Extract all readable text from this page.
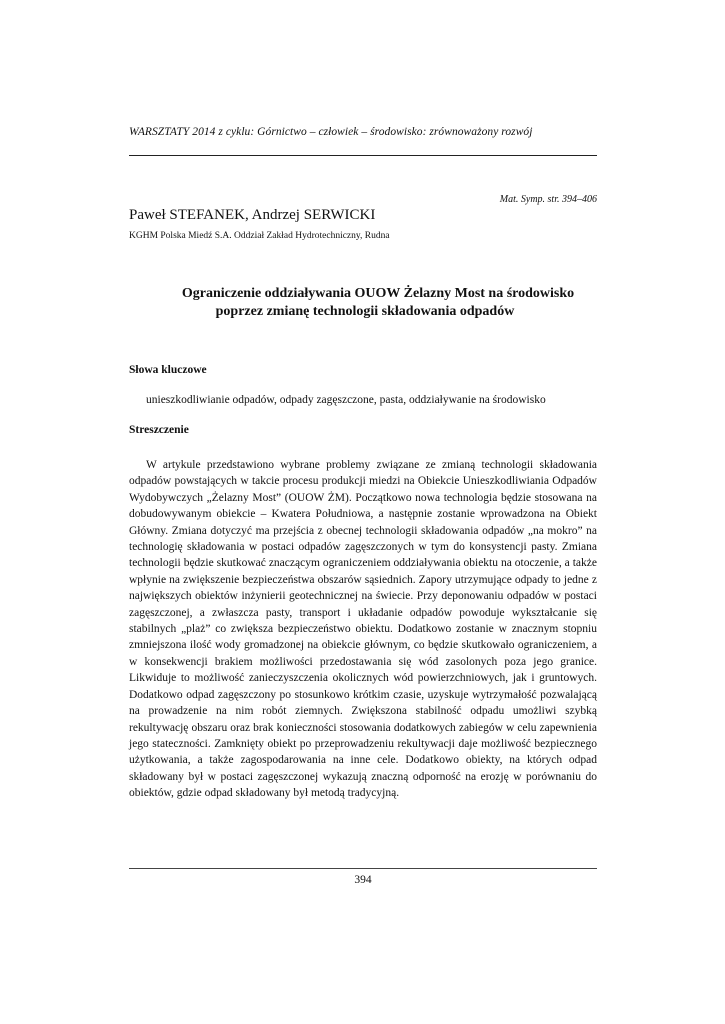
WARSZTATY 2014 z cyklu: Górnictwo – człowiek – środowisko: zrównoważony rozwój
Mat. Symp. str. 394–406
Paweł STEFANEK, Andrzej SERWICKI
KGHM Polska Miedź S.A. Oddział Zakład Hydrotechniczny, Rudna
Ograniczenie oddziaływania OUOW Żelazny Most na środowisko
poprzez zmianę technologii składowania odpadów
Słowa kluczowe
unieszkodliwianie odpadów, odpady zagęszczone, pasta, oddziaływanie na środowisko
Streszczenie

W artykule przedstawiono wybrane problemy związane ze zmianą technologii składowania odpadów powstających w takcie procesu produkcji miedzi na Obiekcie Unieszkodliwiania Odpadów Wydobywczych „Żelazny Most” (OUOW ŻM). Początkowo nowa technologia będzie stosowana na dobudowywanym obiekcie – Kwatera Południowa, a następnie zostanie wprowadzona na Obiekt Główny. Zmiana dotyczyć ma przejścia z obecnej technologii składowania odpadów „na mokro” na technologię składowania w postaci odpadów zagęszczonych w tym do konsystencji pasty. Zmiana technologii będzie skutkować znaczącym ograniczeniem oddziaływania obiektu na otoczenie, a także wpłynie na zwiększenie bezpieczeństwa obszarów sąsiednich. Zapory utrzymujące odpady to jedne z największych obiektów inżynierii geotechnicznej na świecie. Przy deponowaniu odpadów w postaci zagęszczonej, a zwłaszcza pasty, transport i układanie odpadów powoduje wykształcanie się stabilnych „plaż” co zwiększa bezpieczeństwo obiektu. Dodatkowo zostanie w znacznym stopniu zmniejszona ilość wody gromadzonej na obiekcie głównym, co będzie skutkowało ograniczeniem, a w konsekwencji brakiem możliwości przedostawania się wód zasolonych poza jego granice. Likwiduje to możliwość zanieczyszczenia okolicznych wód powierzchniowych, jak i gruntowych. Dodatkowo odpad zagęszczony po stosunkowo krótkim czasie, uzyskuje wytrzymałość pozwalającą na prowadzenie na nim robót ziemnych. Zwiększona stabilność odpadu umożliwi szybką rekultywację obszaru oraz brak konieczności stosowania dodatkowych zabiegów w celu zapewnienia jego stateczności. Zamknięty obiekt po przeprowadzeniu rekultywacji daje możliwość bezpiecznego użytkowania, a także zagospodarowania na inne cele. Dodatkowo obiekty, na których odpad składowany był w postaci zagęszczonej wykazują znaczną odporność na erozję w porównaniu do obiektów, gdzie odpad składowany był metodą tradycyjną.

394
